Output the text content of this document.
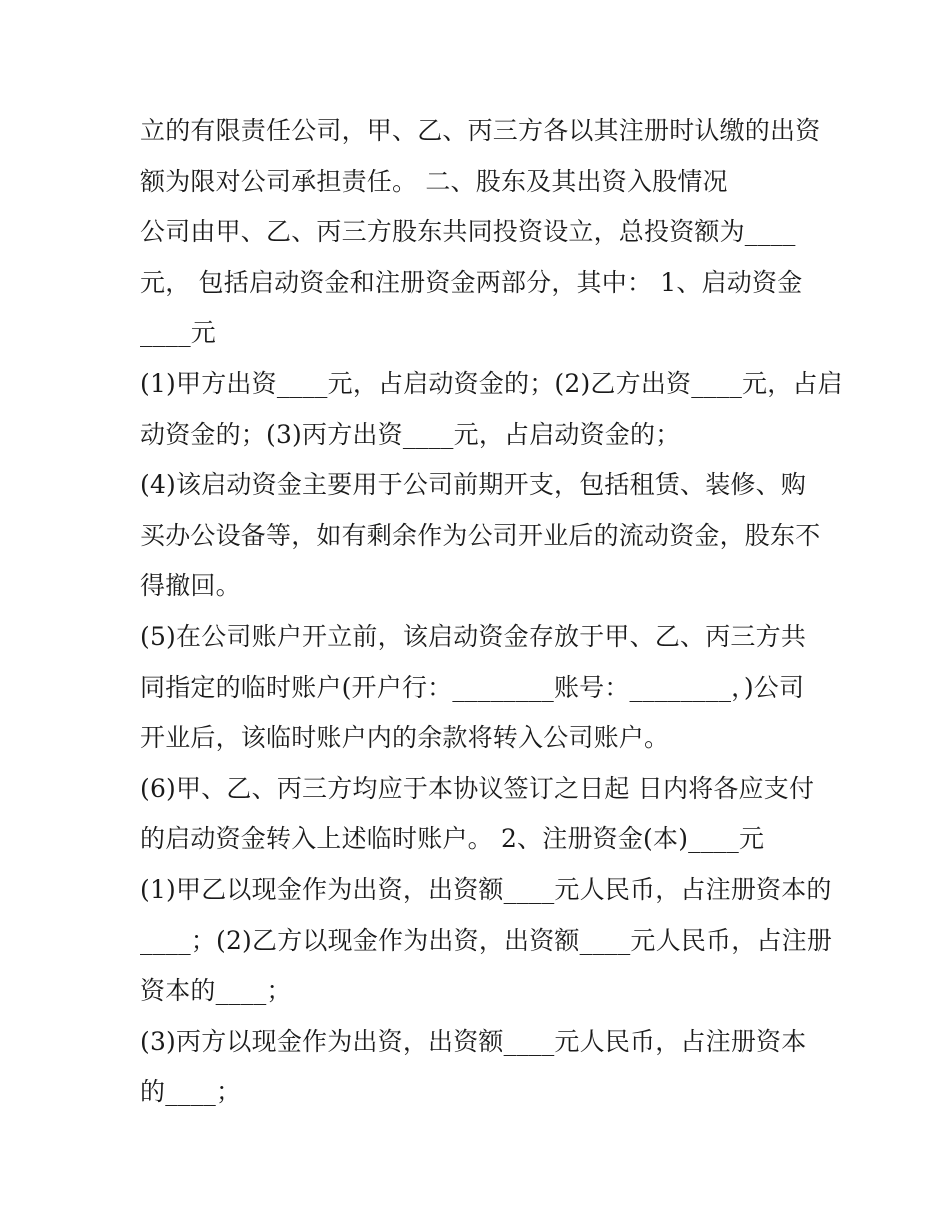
立的有限责任公司，甲、乙、丙三方各以其注册时认缴的出资
额为限对公司承担责任。 二、股东及其出资入股情况
公司由甲、乙、丙三方股东共同投资设立，总投资额为____
元， 包括启动资金和注册资金两部分，其中： 1、启动资金
____元
(1)甲方出资____元，占启动资金的；(2)乙方出资____元，占启
动资金的；(3)丙方出资____元，占启动资金的；
(4)该启动资金主要用于公司前期开支，包括租赁、装修、购
买办公设备等，如有剩余作为公司开业后的流动资金，股东不
得撤回。
(5)在公司账户开立前，该启动资金存放于甲、乙、丙三方共
同指定的临时账户(开户行：________账号：________，)公司
开业后，该临时账户内的余款将转入公司账户。
(6)甲、乙、丙三方均应于本协议签订之日起 日内将各应支付
的启动资金转入上述临时账户。 2、注册资金(本)____元
(1)甲乙以现金作为出资，出资额____元人民币，占注册资本的
____；(2)乙方以现金作为出资，出资额____元人民币，占注册
资本的____；
(3)丙方以现金作为出资，出资额____元人民币，占注册资本
的____；
